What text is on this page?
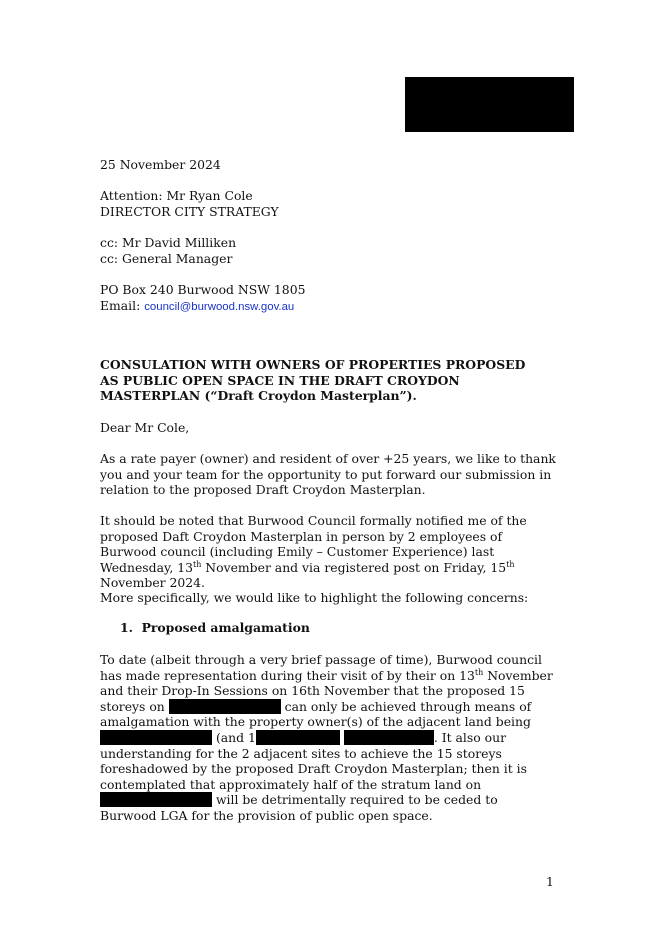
25 November 2024

Attention: Mr Ryan Cole
DIRECTOR CITY STRATEGY
cc: Mr David Milliken
cc: General Manager
PO Box 240 Burwood NSW 1805
Email: council@burwood.nsw.gov.au

CONSULATION WITH OWNERS OF PROPERTIES PROPOSED AS PUBLIC OPEN SPACE IN THE DRAFT CROYDON MASTERPLAN (“Draft Croydon Masterplan”).

Dear Mr Cole,

As a rate payer (owner) and resident of over +25 years, we like to thank you and your team for the opportunity to put forward our submission in relation to the proposed Draft Croydon Masterplan.

It should be noted that Burwood Council formally notified me of the proposed Daft Croydon Masterplan in person by 2 employees of Burwood council (including Emily – Customer Experience) last Wednesday, 13th November and via registered post on Friday, 15th November 2024.

More specifically, we would like to highlight the following concerns:

1.  Proposed amalgamation

To date (albeit through a very brief passage of time), Burwood council has made representation during their visit of by their on 13th November and their Drop-In Sessions on 16th November that the proposed 15 storeys on	can only be achieved through means of amalgamation with the property owner(s) of the adjacent land being  (and 1	. It also our understanding for the 2 adjacent sites to achieve the 15 storeys foreshadowed by the proposed Draft Croydon Masterplan; then it is contemplated that approximately half of the stratum land on  will be detrimentally required to be ceded to Burwood LGA for the provision of public open space.

1
